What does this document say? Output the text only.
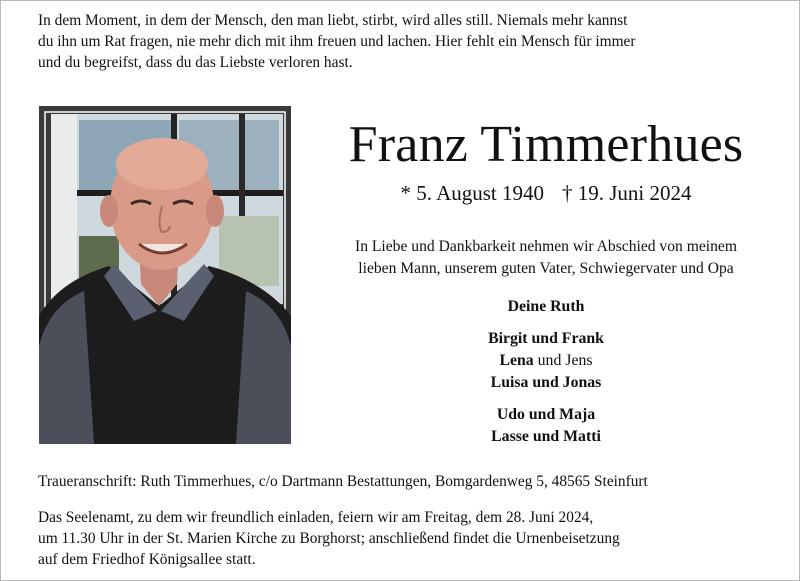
In dem Moment, in dem der Mensch, den man liebt, stirbt, wird alles still. Niemals mehr kannst
du ihn um Rat fragen, nie mehr dich mit ihm freuen und lachen. Hier fehlt ein Mensch für immer
und du begreifst, dass du das Liebste verloren hast.

Franz Timmerhues

* 5. August 1940 † 19. Juni 2024

In Liebe und Dankbarkeit nehmen wir Abschied von meinem
lieben Mann, unserem guten Vater, Schwiegervater und Opa

Deine Ruth
Birgit und Frank
Lena und Jens
Luisa und Jonas
Udo und Maja
Lasse und Matti

Traueranschrift: Ruth Timmerhues, c/o Dartmann Bestattungen, Bomgardenweg 5, 48565 Steinfurt

Das Seelenamt, zu dem wir freundlich einladen, feiern wir am Freitag, dem 28. Juni 2024,
um 11.30 Uhr in der St. Marien Kirche zu Borghorst; anschließend findet die Urnenbeisetzung
auf dem Friedhof Königsallee statt.
